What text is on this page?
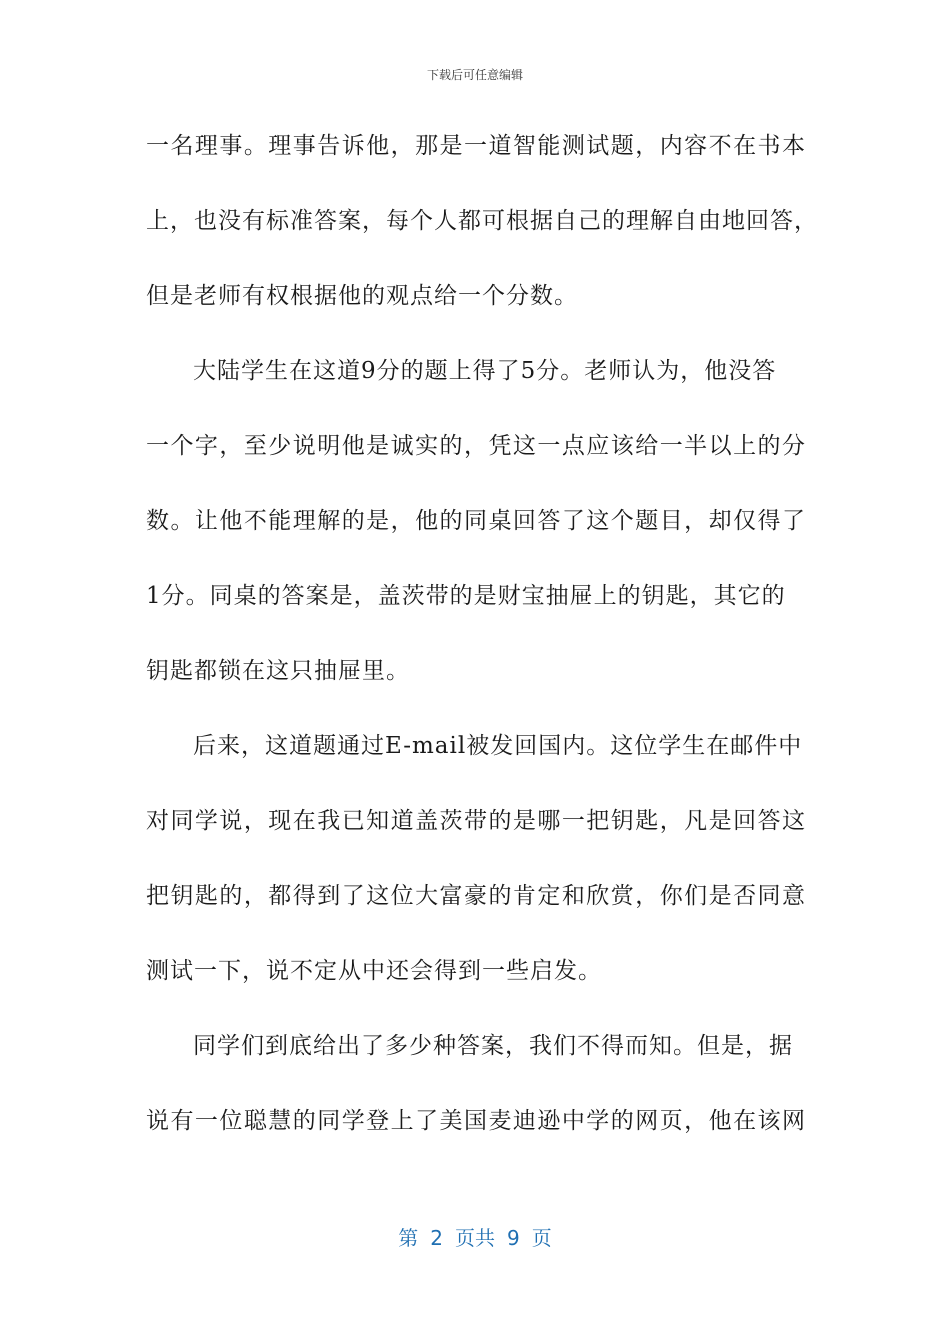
下载后可任意编辑
一名理事。理事告诉他，那是一道智能测试题，内容不在书本
上，也没有标准答案，每个人都可根据自己的理解自由地回答，
但是老师有权根据他的观点给一个分数。
大陆学生在这道9分的题上得了5分。老师认为，他没答
一个字，至少说明他是诚实的，凭这一点应该给一半以上的分
数。让他不能理解的是，他的同桌回答了这个题目，却仅得了
1分。同桌的答案是，盖茨带的是财宝抽屉上的钥匙，其它的
钥匙都锁在这只抽屉里。
后来，这道题通过E-mail被发回国内。这位学生在邮件中
对同学说，现在我已知道盖茨带的是哪一把钥匙，凡是回答这
把钥匙的，都得到了这位大富豪的肯定和欣赏，你们是否同意
测试一下，说不定从中还会得到一些启发。
同学们到底给出了多少种答案，我们不得而知。但是，据
说有一位聪慧的同学登上了美国麦迪逊中学的网页，他在该网
第 2 页共 9 页
